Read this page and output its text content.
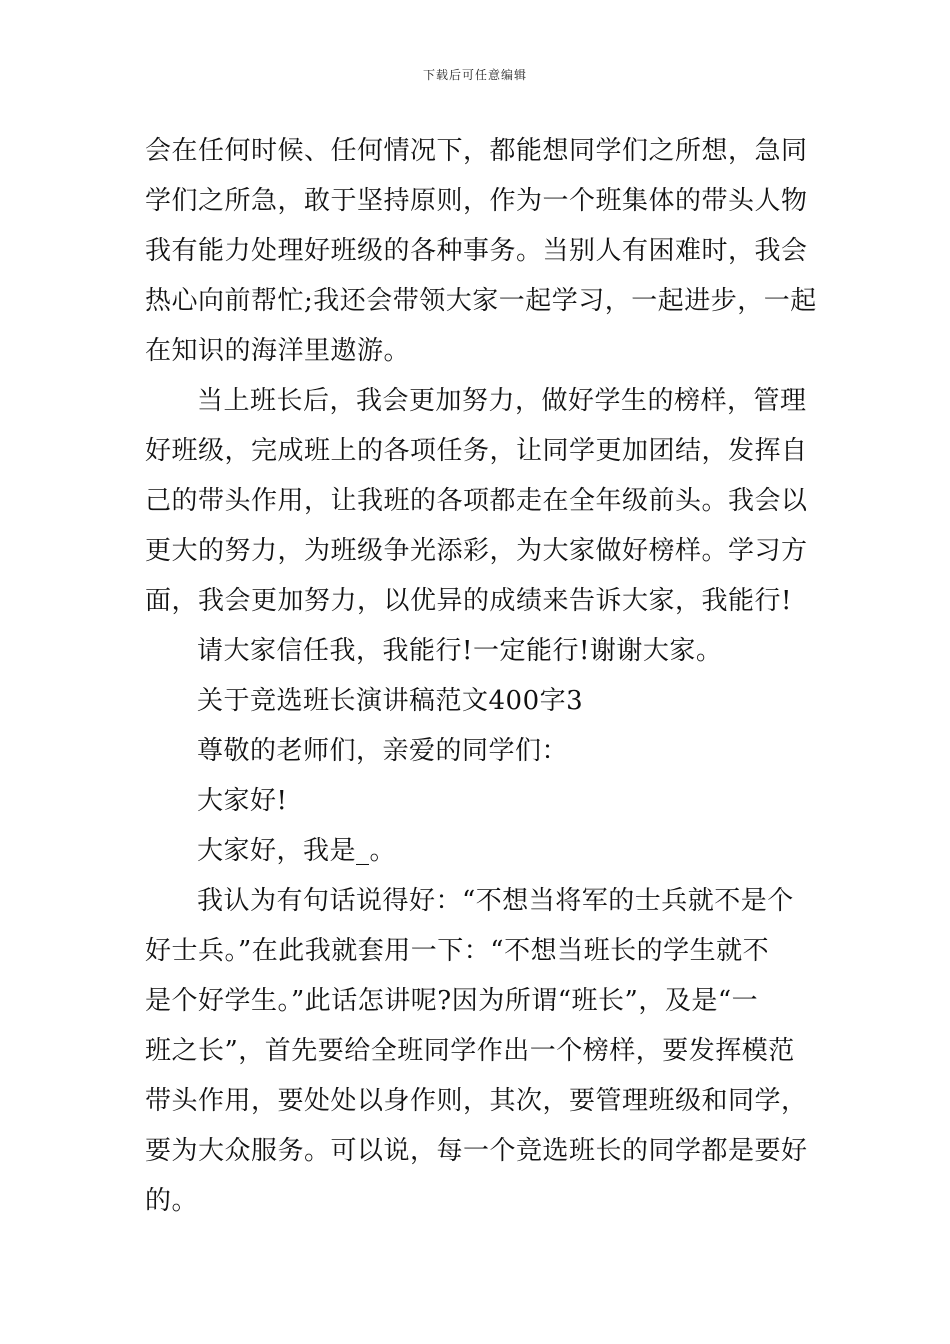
下载后可任意编辑
会在任何时候、任何情况下，都能想同学们之所想，急同
学们之所急，敢于坚持原则，作为一个班集体的带头人物
我有能力处理好班级的各种事务。当别人有困难时，我会
热心向前帮忙;我还会带领大家一起学习，一起进步，一起
在知识的海洋里遨游。
当上班长后，我会更加努力，做好学生的榜样，管理
好班级，完成班上的各项任务，让同学更加团结，发挥自
己的带头作用，让我班的各项都走在全年级前头。我会以
更大的努力，为班级争光添彩，为大家做好榜样。学习方
面，我会更加努力，以优异的成绩来告诉大家，我能行!
请大家信任我，我能行!一定能行!谢谢大家。
关于竞选班长演讲稿范文400字3
尊敬的老师们，亲爱的同学们：
大家好!
大家好，我是_。
我认为有句话说得好：“不想当将军的士兵就不是个
好士兵。”在此我就套用一下：“不想当班长的学生就不
是个好学生。”此话怎讲呢?因为所谓“班长”，及是“一
班之长”，首先要给全班同学作出一个榜样，要发挥模范
带头作用，要处处以身作则，其次，要管理班级和同学，
要为大众服务。可以说，每一个竞选班长的同学都是要好
的。
